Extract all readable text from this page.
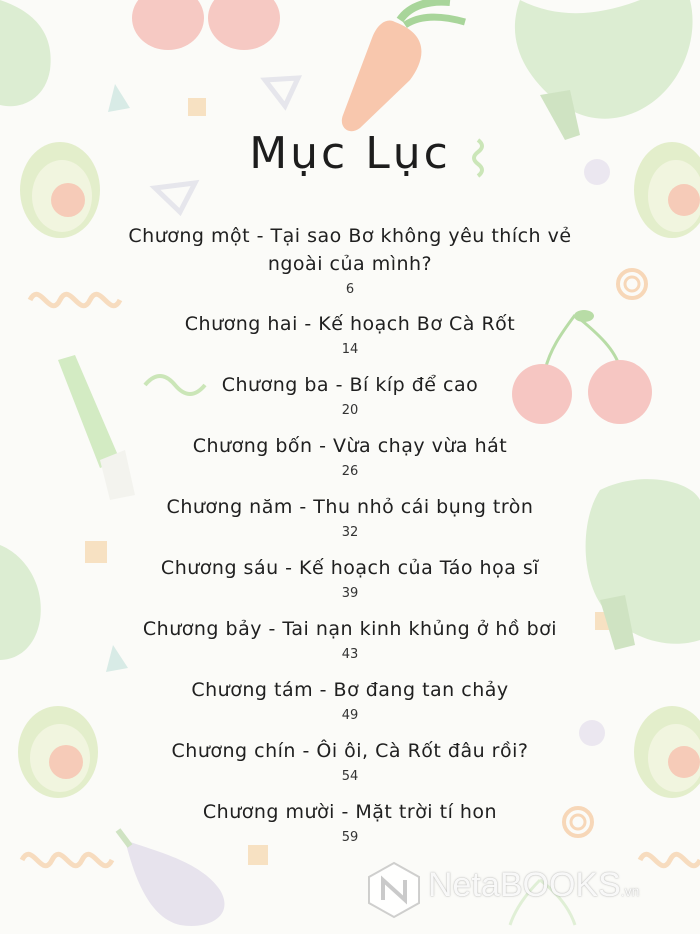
Mục Lục
Chương một - Tại sao Bơ không yêu thích vẻ ngoài của mình?
6
Chương hai - Kế hoạch Bơ Cà Rốt
14
Chương ba - Bí kíp để cao
20
Chương bốn - Vừa chạy vừa hát
26
Chương năm - Thu nhỏ cái bụng tròn
32
Chương sáu - Kế hoạch của Táo họa sĩ
39
Chương bảy - Tai nạn kinh khủng ở hồ bơi
43
Chương tám - Bơ đang tan chảy
49
Chương chín - Ôi ôi, Cà Rốt đâu rồi?
54
Chương mười - Mặt trời tí hon
59
NetaBOOKS.vn
